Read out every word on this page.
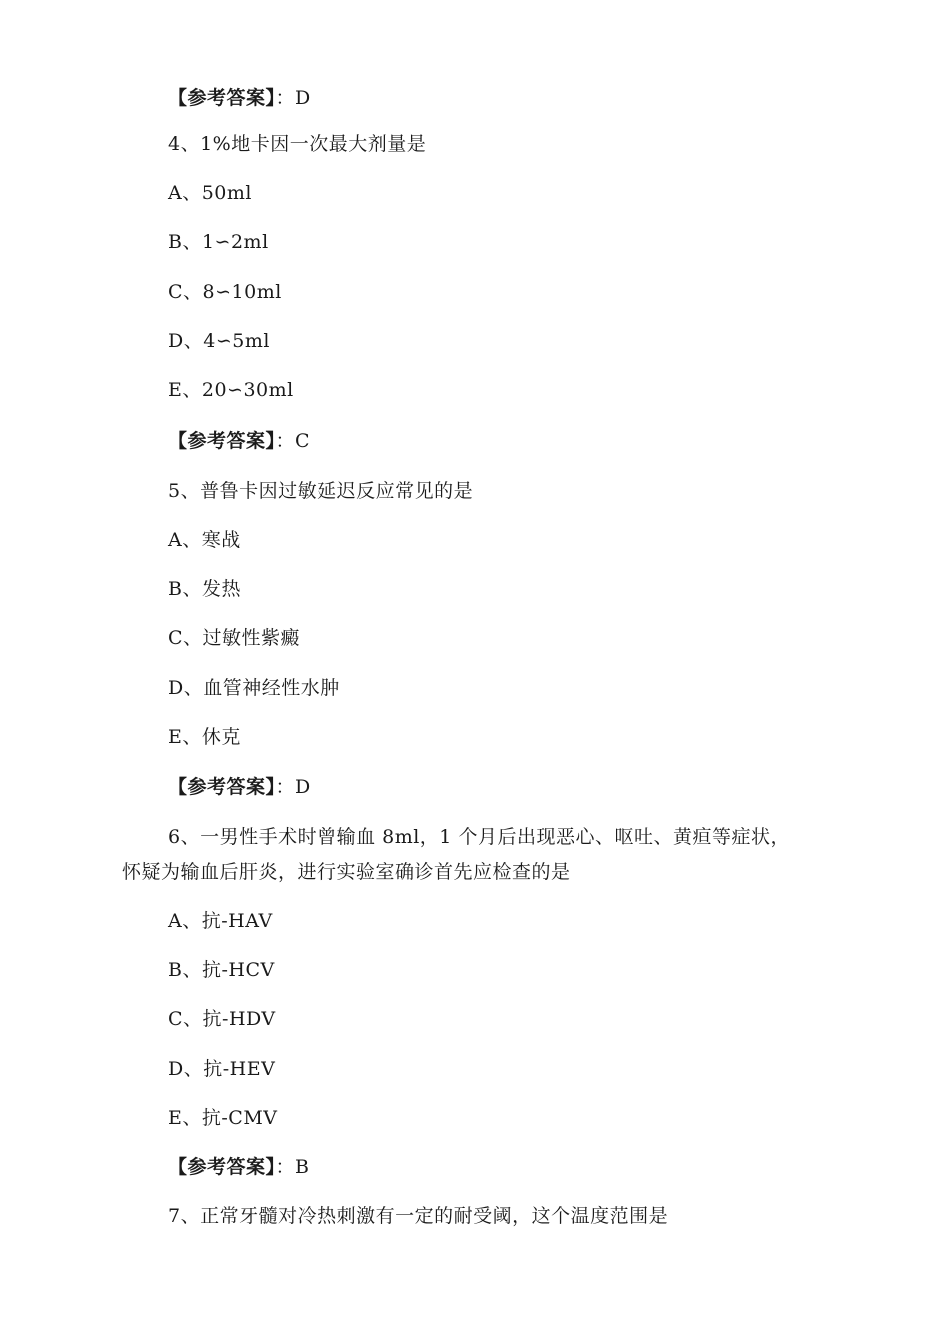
【参考答案】：D
4、1%地卡因一次最大剂量是
A、50ml
B、1∽2ml
C、8∽10ml
D、4∽5ml
E、20∽30ml
【参考答案】：C
5、普鲁卡因过敏延迟反应常见的是
A、寒战
B、发热
C、过敏性紫癜
D、血管神经性水肿
E、休克
【参考答案】：D
6、一男性手术时曾输血 8ml，1 个月后出现恶心、呕吐、黄疸等症状，
怀疑为输血后肝炎，进行实验室确诊首先应检查的是
A、抗-HAV
B、抗-HCV
C、抗-HDV
D、抗-HEV
E、抗-CMV
【参考答案】：B
7、正常牙髓对冷热刺激有一定的耐受阈，这个温度范围是
